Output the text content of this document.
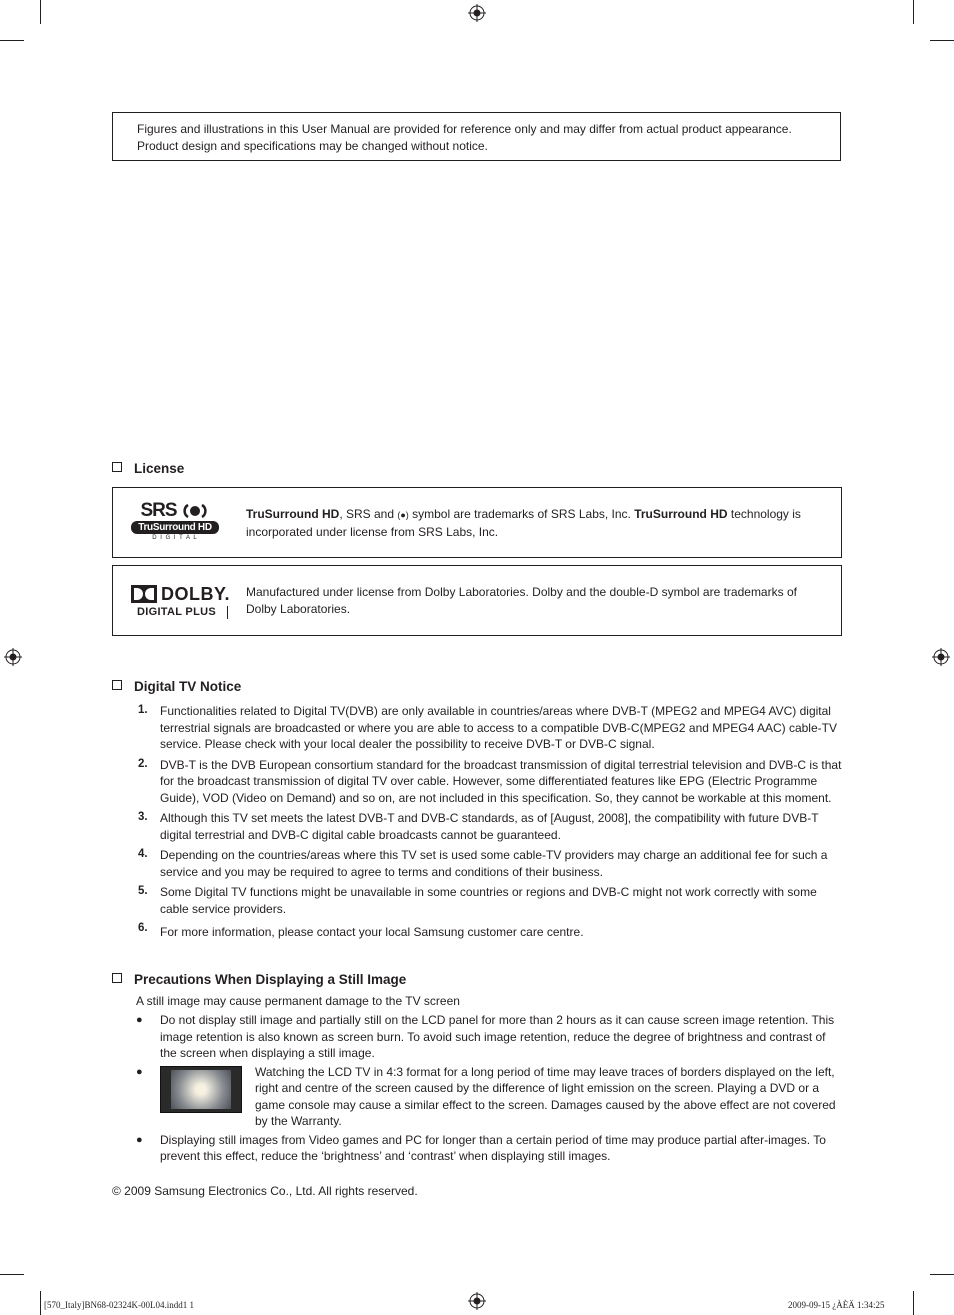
Figures and illustrations in this User Manual are provided for reference only and may differ from actual product appearance.
Product design and specifications may be changed without notice.
License
SRS
TruSurround HD
D I G I T A L
TruSurround HD, SRS and (●) symbol are trademarks of SRS Labs, Inc. TruSurround HD technology is incorporated under license from SRS Labs, Inc.
DOLBY.
DIGITAL PLUS
Manufactured under license from Dolby Laboratories. Dolby and the double-D symbol are trademarks of Dolby Laboratories.
Digital TV Notice
1. Functionalities related to Digital TV(DVB) are only available in countries/areas where DVB-T (MPEG2 and MPEG4 AVC) digital terrestrial signals are broadcasted or where you are able to access to a compatible DVB-C(MPEG2 and MPEG4 AAC) cable-TV service. Please check with your local dealer the possibility to receive DVB-T or DVB-C signal.
2. DVB-T is the DVB European consortium standard for the broadcast transmission of digital terrestrial television and DVB-C is that for the broadcast transmission of digital TV over cable. However, some differentiated features like EPG (Electric Programme Guide), VOD (Video on Demand) and so on, are not included in this specification. So, they cannot be workable at this moment.
3. Although this TV set meets the latest DVB-T and DVB-C standards, as of [August, 2008], the compatibility with future DVB-T digital terrestrial and DVB-C digital cable broadcasts cannot be guaranteed.
4. Depending on the countries/areas where this TV set is used some cable-TV providers may charge an additional fee for such a service and you may be required to agree to terms and conditions of their business.
5. Some Digital TV functions might be unavailable in some countries or regions and DVB-C might not work correctly with some cable service providers.
6. For more information, please contact your local Samsung customer care centre.
Precautions When Displaying a Still Image
A still image may cause permanent damage to the TV screen
● Do not display still image and partially still on the LCD panel for more than 2 hours as it can cause screen image retention. This image retention is also known as screen burn. To avoid such image retention, reduce the degree of brightness and contrast of the screen when displaying a still image.
●	Watching the LCD TV in 4:3 format for a long period of time may leave traces of borders displayed on the left, right and centre of the screen caused by the difference of light emission on the screen. Playing a DVD or a game console may cause a similar effect to the screen. Damages caused by the above effect are not covered by the Warranty.
● Displaying still images from Video games and PC for longer than a certain period of time may produce partial after-images. To prevent this effect, reduce the ‘brightness’ and ‘contrast’ when displaying still images.
© 2009 Samsung Electronics Co., Ltd. All rights reserved.
[570_Italy]BN68-02324K-00L04.indd1 1	2009-09-15 ¿ÀÈÄ 1:34:25
